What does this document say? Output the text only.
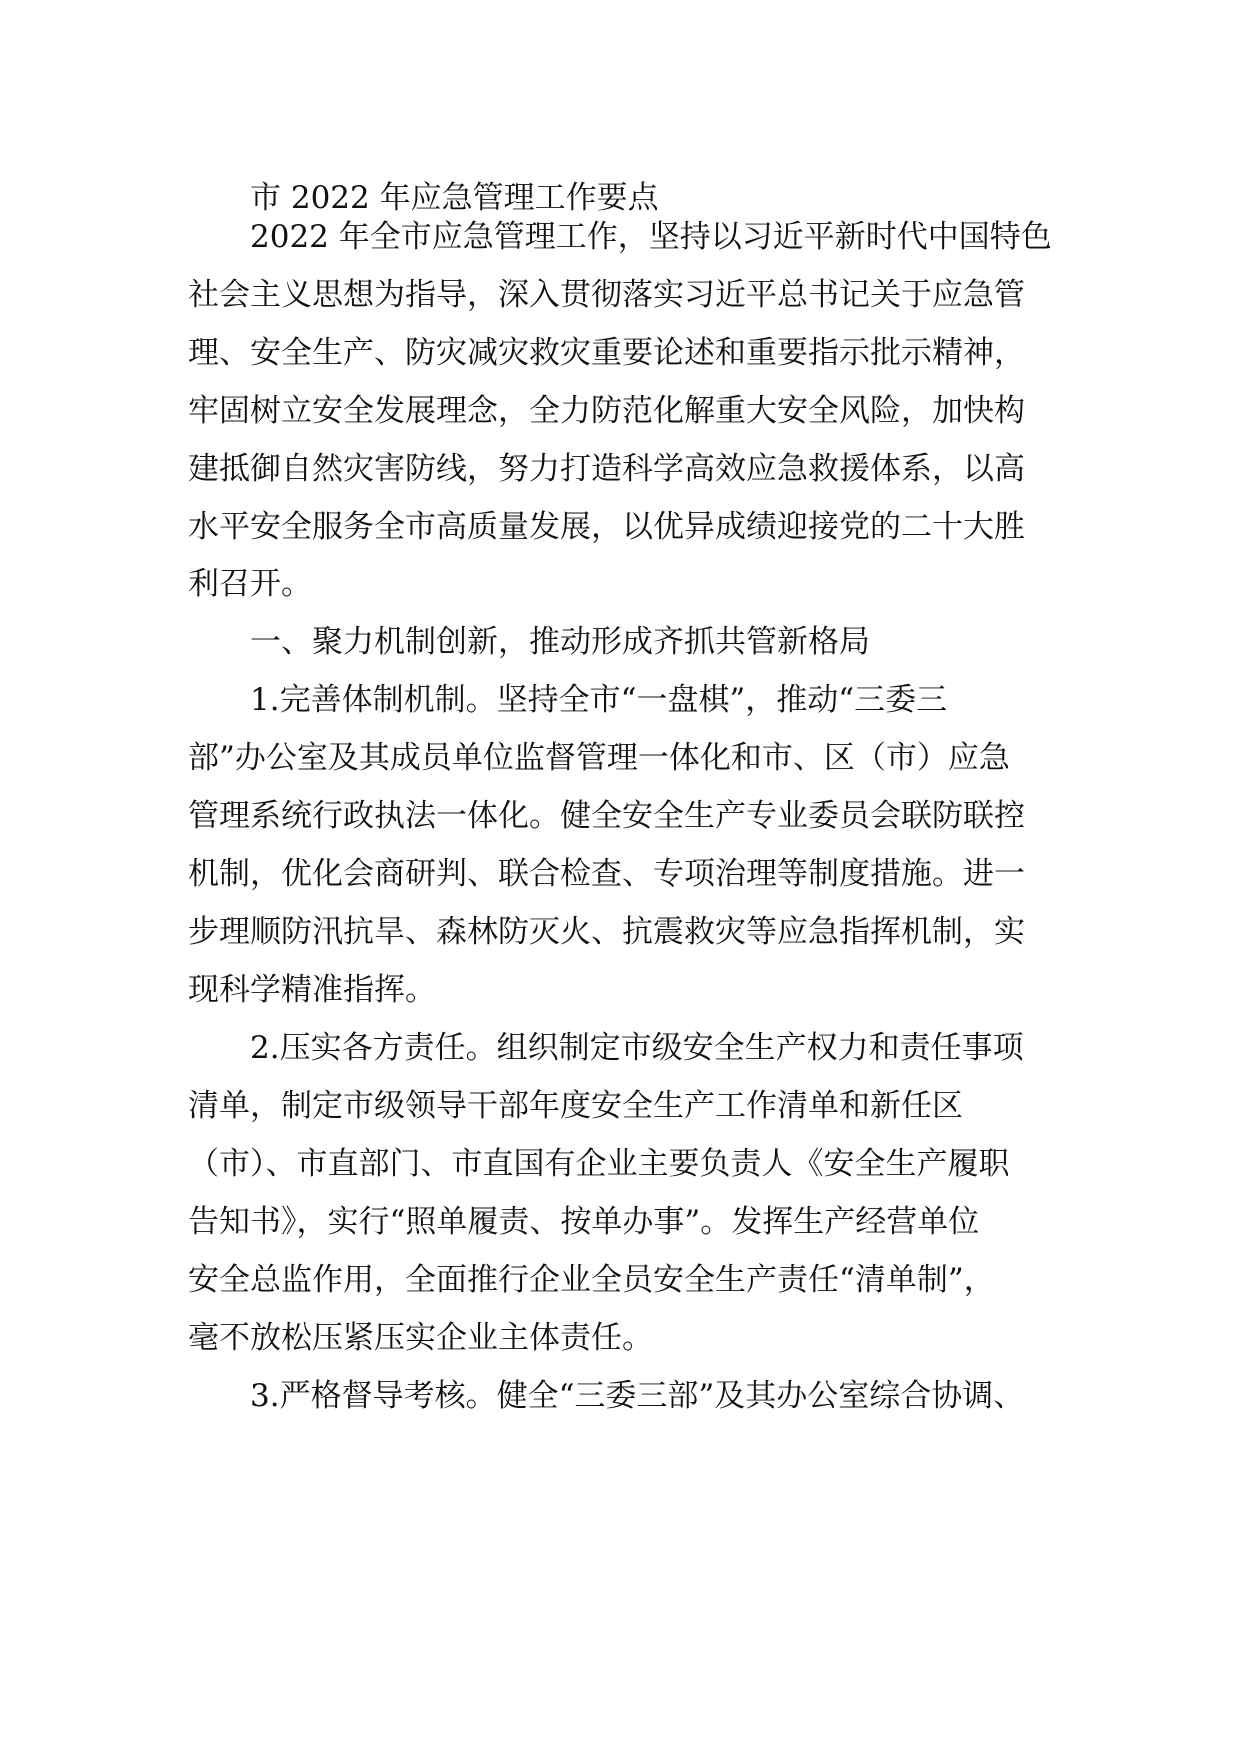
市 2022 年应急管理工作要点

2022 年全市应急管理工作，坚持以习近平新时代中国特色

社会主义思想为指导，深入贯彻落实习近平总书记关于应急管

理、安全生产、防灾减灾救灾重要论述和重要指示批示精神，

牢固树立安全发展理念，全力防范化解重大安全风险，加快构

建抵御自然灾害防线，努力打造科学高效应急救援体系，以高

水平安全服务全市高质量发展，以优异成绩迎接党的二十大胜

利召开。

一、聚力机制创新，推动形成齐抓共管新格局

1.完善体制机制。坚持全市“一盘棋”，推动“三委三

部”办公室及其成员单位监督管理一体化和市、区（市）应急

管理系统行政执法一体化。健全安全生产专业委员会联防联控

机制，优化会商研判、联合检查、专项治理等制度措施。进一

步理顺防汛抗旱、森林防灭火、抗震救灾等应急指挥机制，实

现科学精准指挥。

2.压实各方责任。组织制定市级安全生产权力和责任事项

清单，制定市级领导干部年度安全生产工作清单和新任区

（市）、市直部门、市直国有企业主要负责人《安全生产履职

告知书》，实行“照单履责、按单办事”。发挥生产经营单位

安全总监作用，全面推行企业全员安全生产责任“清单制”，

毫不放松压紧压实企业主体责任。

3.严格督导考核。健全“三委三部”及其办公室综合协调、
